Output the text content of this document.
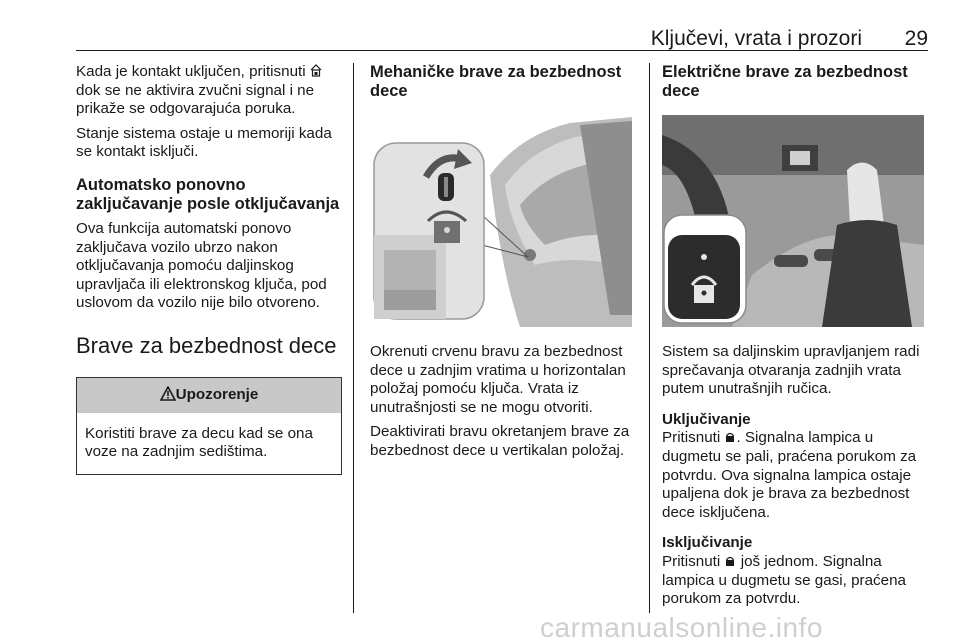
Ključevi, vrata i prozori	29

Kada je kontakt uključen, pritisnuti  dok se ne aktivira zvučni signal i ne prikaže se odgovarajuća poruka.

Stanje sistema ostaje u memoriji kada se kontakt isključi.

Automatsko ponovno zaključavanje posle otključavanja

Ova funkcija automatski ponovo zaključava vozilo ubrzo nakon otključavanja pomoću daljinskog upravljača ili elektronskog ključa, pod uslovom da vozilo nije bilo otvoreno.

Brave za bezbednost dece
Upozorenje
Koristiti brave za decu kad se ona voze na zadnjim sedištima.
Mehaničke brave za bezbednost dece

Okrenuti crvenu bravu za bezbednost dece u zadnjim vratima u horizontalan položaj pomoću ključa. Vrata iz unutrašnjosti se ne mogu otvoriti.

Deaktivirati bravu okretanjem brave za bezbednost dece u vertikalan položaj.

Električne brave za bezbednost dece

Sistem sa daljinskim upravljanjem radi sprečavanja otvaranja zadnjih vrata putem unutrašnjih ručica.

Uključivanje

Pritisnuti . Signalna lampica u dugmetu se pali, praćena porukom za potvrdu. Ova signalna lampica ostaje upaljena dok je brava za bezbednost dece isključena.

Isključivanje

Pritisnuti još jednom. Signalna lampica u dugmetu se gasi, praćena porukom za potvrdu.

carmanualsonline.info
